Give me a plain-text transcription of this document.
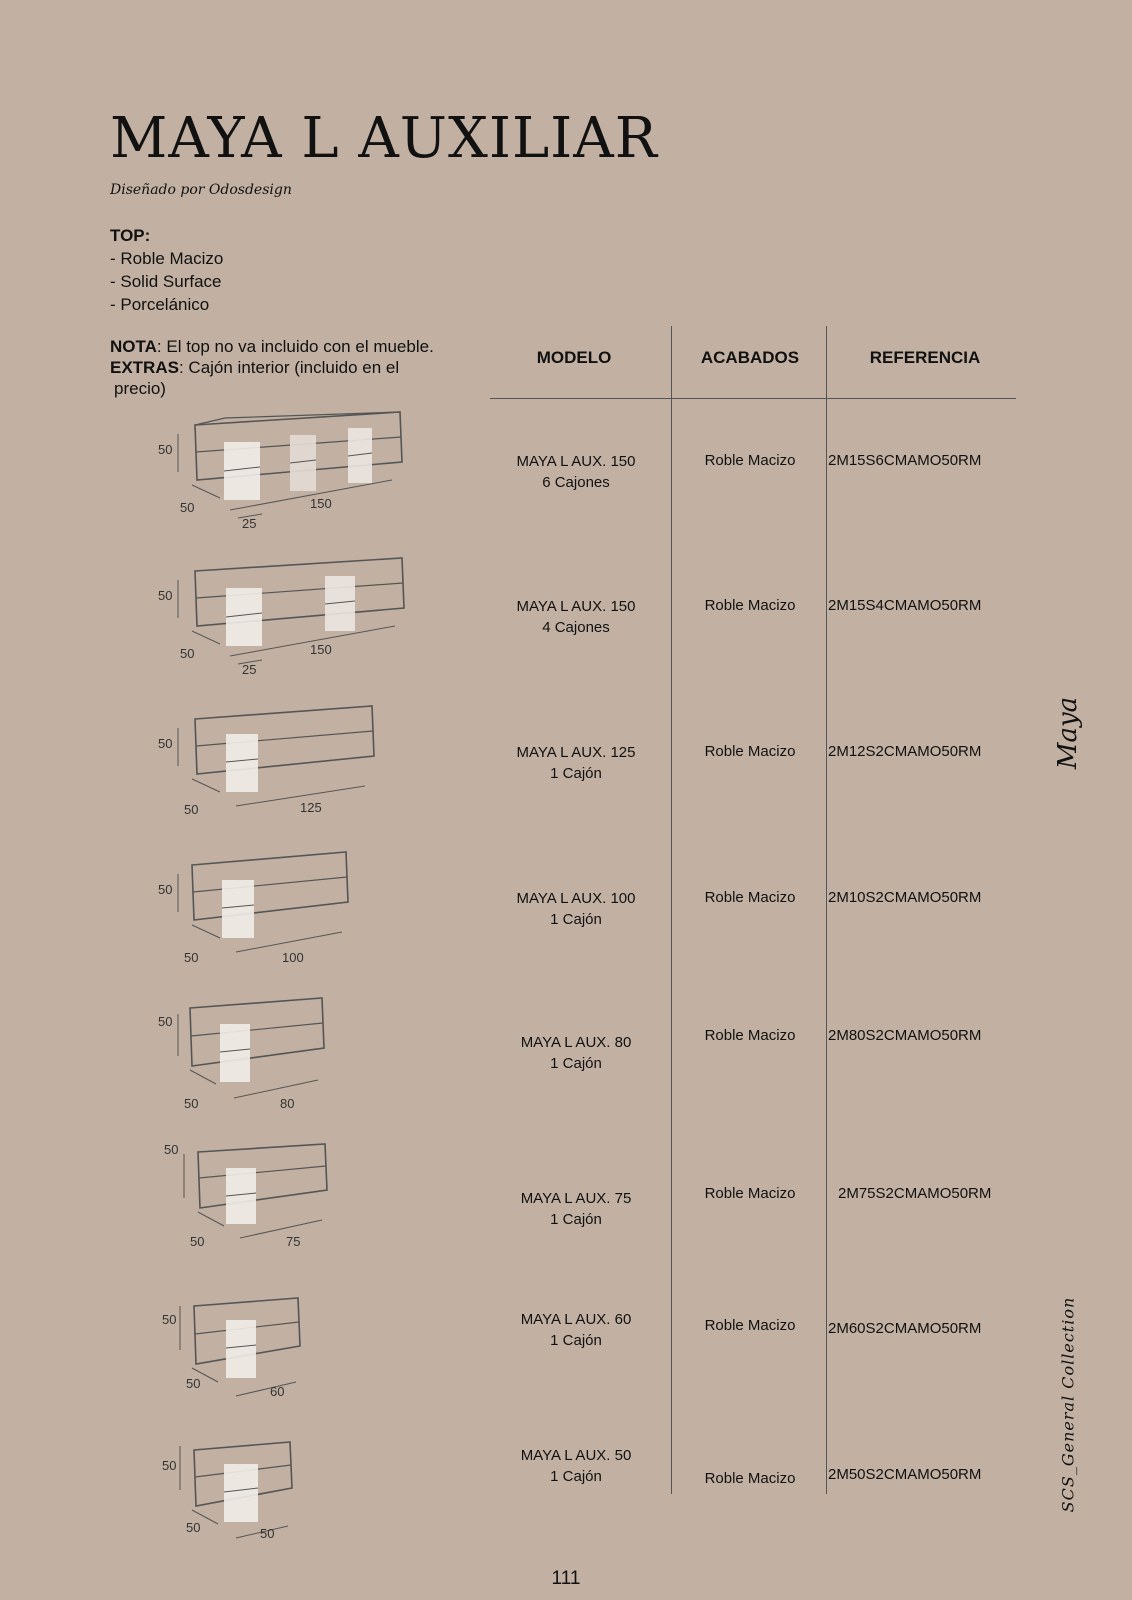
MAYA L AUXILIAR
Diseñado por Odosdesign
TOP:
- Roble Macizo
- Solid Surface
- Porcelánico
NOTA: El top no va incluido con el mueble.
EXTRAS: Cajón interior (incluido en el
precio)
MODELO	ACABADOS	REFERENCIA
50
50	150
25
MAYA L AUX. 150
6 Cajones
Roble Macizo	2M15S6CMAMO50RM
50
50	150
25
MAYA L AUX. 150
4 Cajones
Roble Macizo	2M15S4CMAMO50RM
50
50	125
MAYA L AUX. 125
1 Cajón
Roble Macizo	2M12S2CMAMO50RM
50
50	100
MAYA L AUX. 100
1 Cajón
Roble Macizo	2M10S2CMAMO50RM
50
50	80
MAYA L AUX. 80
1 Cajón
Roble Macizo	2M80S2CMAMO50RM
50
50	75
MAYA L AUX. 75
1 Cajón
Roble Macizo	2M75S2CMAMO50RM
50
50
60
MAYA L AUX. 60
1 Cajón
Roble Macizo	2M60S2CMAMO50RM
50
50	50
MAYA L AUX. 50
1 Cajón	Roble Macizo	2M50S2CMAMO50RM
Maya
SCS_General Collection
111
